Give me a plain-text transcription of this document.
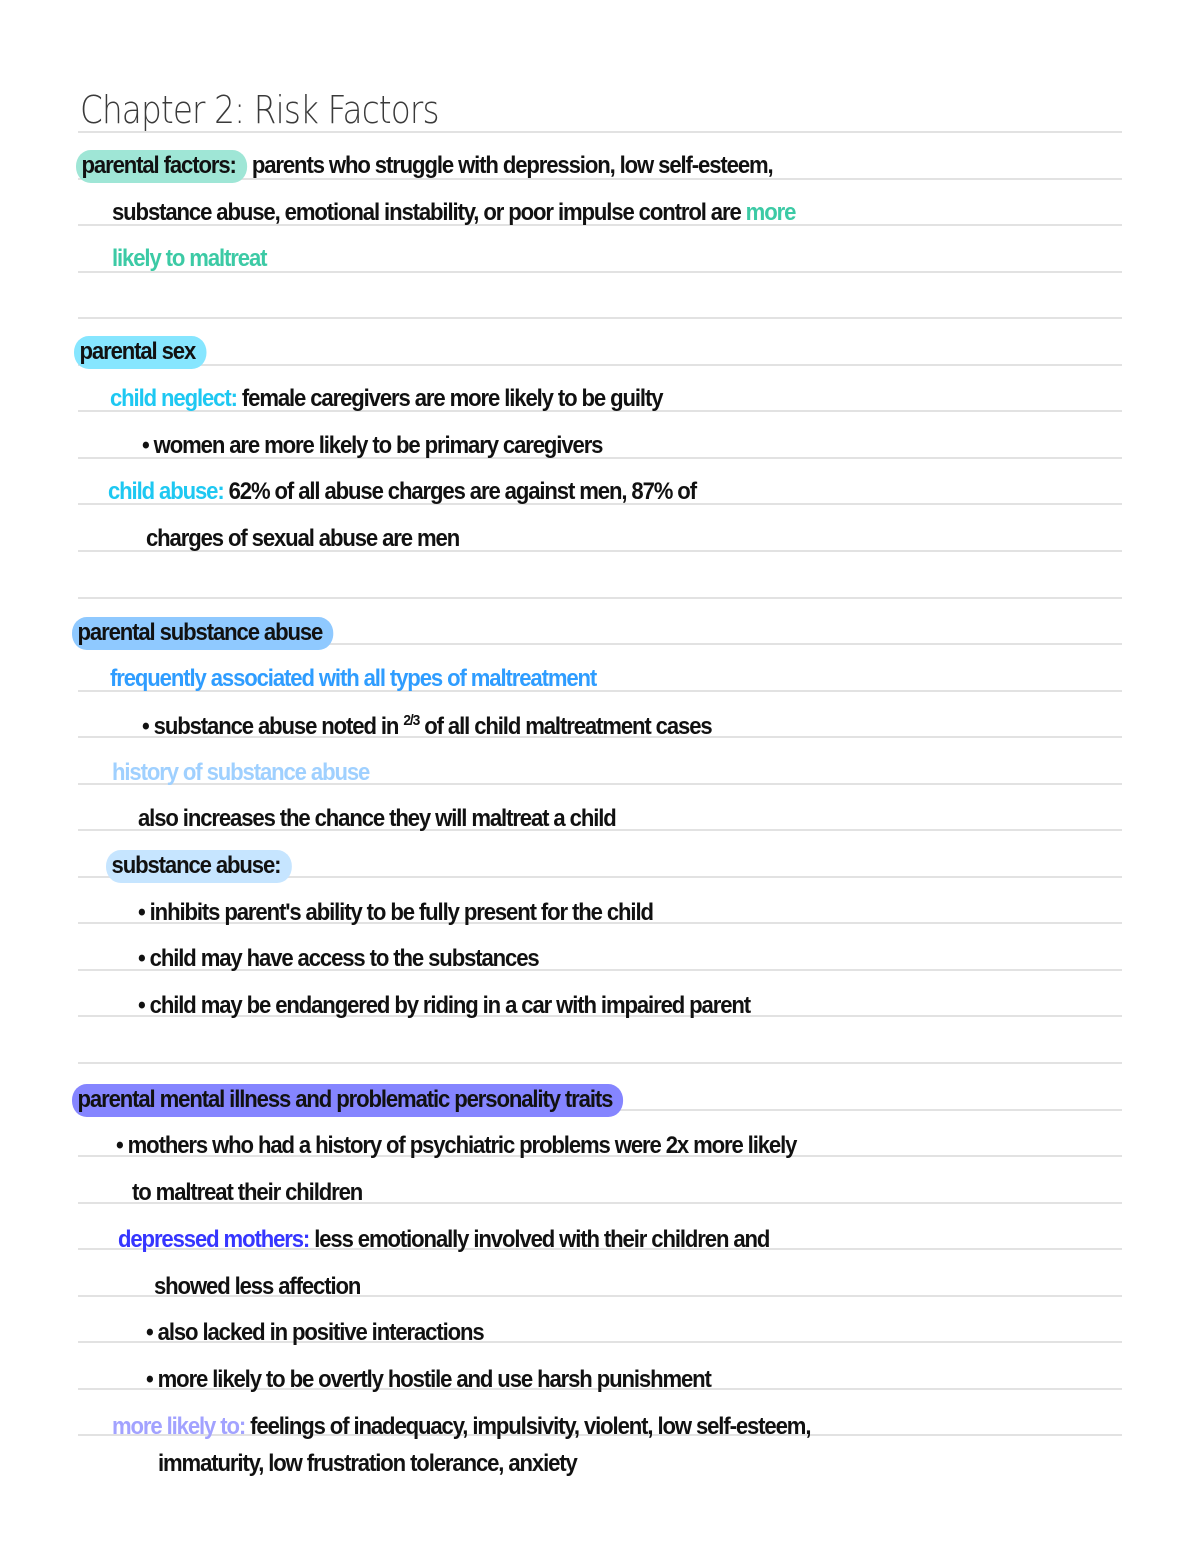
Chapter 2: Risk Factors
parental factors: parents who struggle with depression, low self-esteem,
substance abuse, emotional instability, or poor impulse control are more
likely to maltreat
parental sex
child neglect: female caregivers are more likely to be guilty
• women are more likely to be primary caregivers
child abuse: 62% of all abuse charges are against men, 87% of
charges of sexual abuse are men
parental substance abuse
frequently associated with all types of maltreatment
• substance abuse noted in $^{2/3}$ of all child maltreatment cases
history of substance abuse
also increases the chance they will maltreat a child
substance abuse:
• inhibits parent's ability to be fully present for the child
• child may have access to the substances
• child may be endangered by riding in a car with impaired parent
parental mental illness and problematic personality traits
• mothers who had a history of psychiatric problems were 2x more likely
to maltreat their children
depressed mothers: less emotionally involved with their children and
showed less affection
• also lacked in positive interactions
• more likely to be overtly hostile and use harsh punishment
more likely to: feelings of inadequacy, impulsivity, violent, low self-esteem,
immaturity, low frustration tolerance, anxiety
